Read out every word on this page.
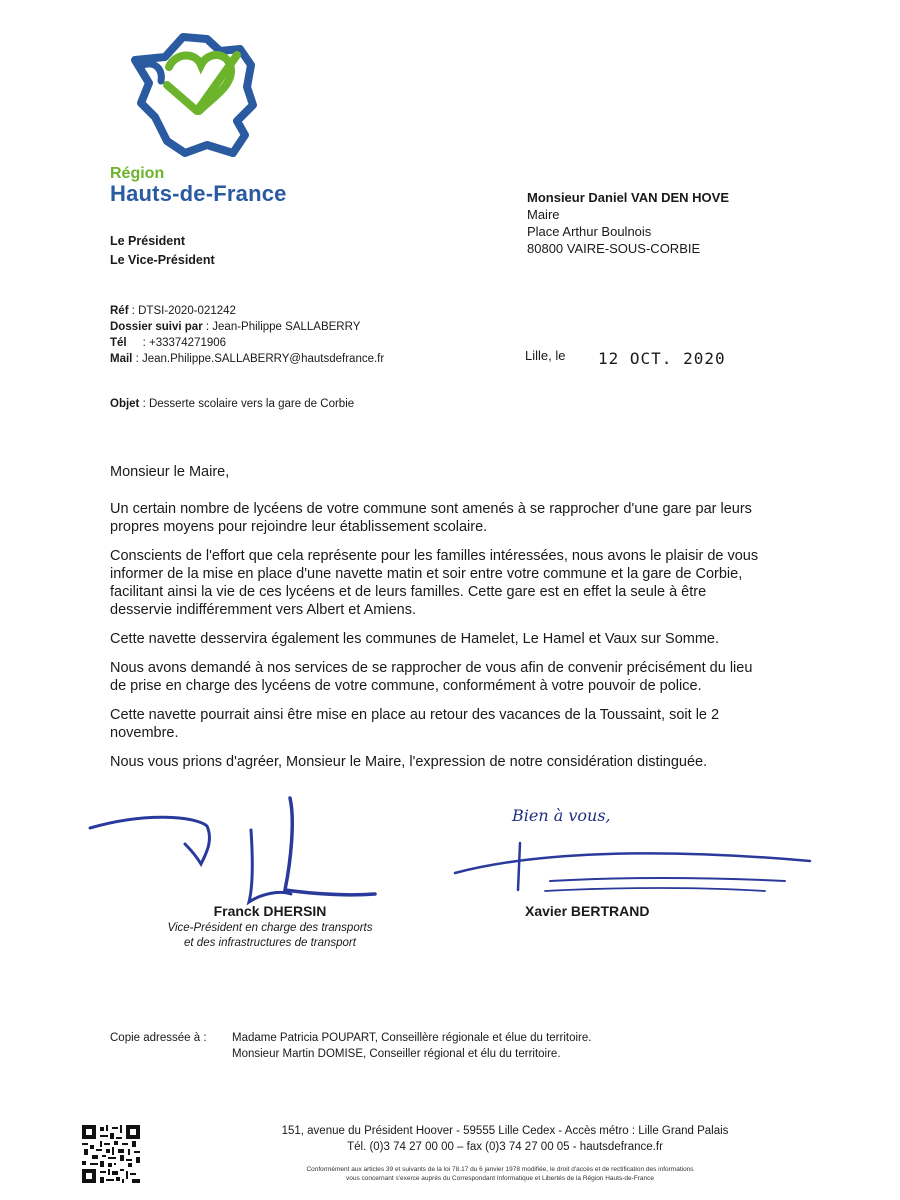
Région
Hauts-de-France
Le Président
Le Vice-Président
Monsieur Daniel VAN DEN HOVE
Maire
Place Arthur Boulnois
80800 VAIRE-SOUS-CORBIE
Réf : DTSI-2020-021242
Dossier suivi par : Jean-Philippe SALLABERRY
Tél     : +33374271906
Mail : Jean.Philippe.SALLABERRY@hautsdefrance.fr	Lille, le 12 OCT. 2020
Objet : Desserte scolaire vers la gare de Corbie

Monsieur le Maire,

Un certain nombre de lycéens de votre commune sont amenés à se rapprocher d'une gare par leurs propres moyens pour rejoindre leur établissement scolaire.

Conscients de l'effort que cela représente pour les familles intéressées, nous avons le plaisir de vous informer de la mise en place d'une navette matin et soir entre votre commune et la gare de Corbie, facilitant ainsi la vie de ces lycéens et de leurs familles. Cette gare est en effet la seule à être desservie indifféremment vers Albert et Amiens.

Cette navette desservira également les communes de Hamelet, Le Hamel et Vaux sur Somme.

Nous avons demandé à nos services de se rapprocher de vous afin de convenir précisément du lieu de prise en charge des lycéens de votre commune, conformément à votre pouvoir de police.

Cette navette pourrait ainsi être mise en place au retour des vacances de la Toussaint, soit le 2 novembre.

Nous vous prions d'agréer, Monsieur le Maire, l'expression de notre considération distinguée.

Bien à vous,
Franck DHERSIN
Vice-Président en charge des transports
et des infrastructures de transport
Xavier BERTRAND
Copie adressée à : Madame Patricia POUPART, Conseillère régionale et élue du territoire.
Monsieur Martin DOMISE, Conseiller régional et élu du territoire.
151, avenue du Président Hoover - 59555 Lille Cedex - Accès métro : Lille Grand Palais
Tél. (0)3 74 27 00 00 – fax (0)3 74 27 00 05 - hautsdefrance.fr
Conformément aux articles 39 et suivants de la loi 78.17 du 6 janvier 1978 modifiée, le droit d'accès et de rectification des informations
vous concernant s'exerce auprès du Correspondant Informatique et Libertés de la Région Hauts-de-France
